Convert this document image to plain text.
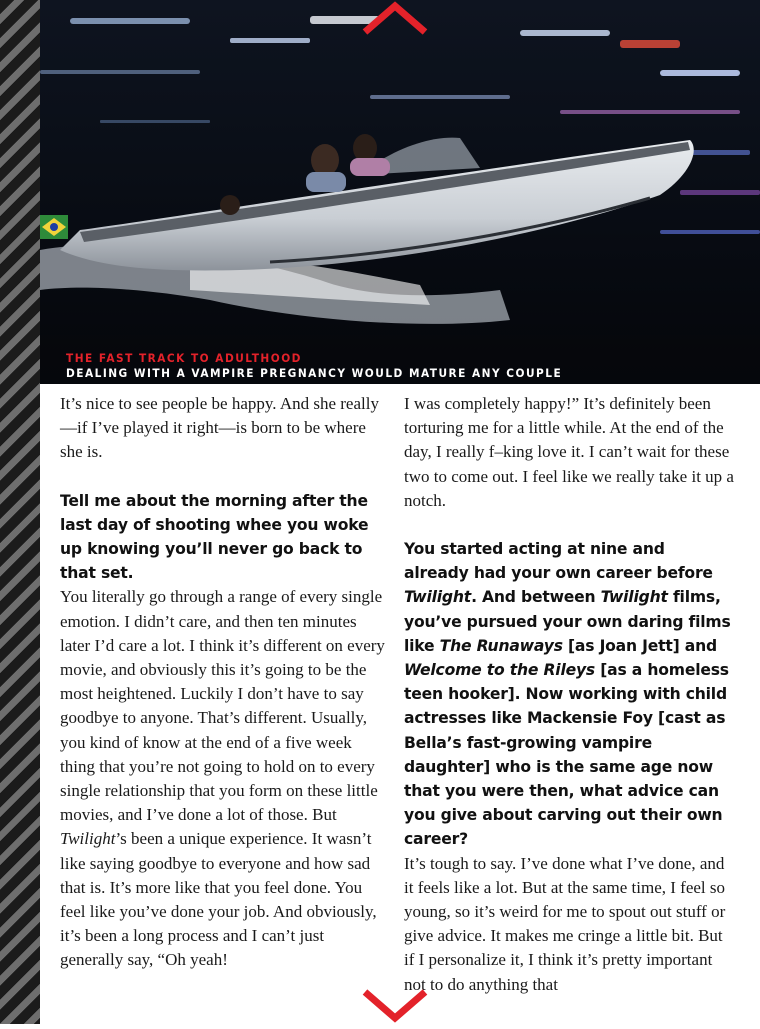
THE FAST TRACK TO ADULTHOOD
DEALING WITH A VAMPIRE PREGNANCY WOULD MATURE ANY COUPLE

It’s nice to see people be happy. And she really—if I’ve played it right—is born to be where she is.

Tell me about the morning after the last day of shooting whee you woke up knowing you’ll never go back to that set.

You literally go through a range of every single emotion. I didn’t care, and then ten minutes later I’d care a lot. I think it’s different on every movie, and obviously this it’s going to be the most heightened. Luckily I don’t have to say goodbye to anyone. That’s different. Usually, you kind of know at the end of a five week thing that you’re not going to hold on to every single relationship that you form on these little movies, and I’ve done a lot of those. But Twilight’s been a unique experience. It wasn’t like saying goodbye to everyone and how sad that is. It’s more like that you feel done. You feel like you’ve done your job. And obviously, it’s been a long process and I can’t just generally say, “Oh yeah!

I was completely happy!” It’s definitely been torturing me for a little while. At the end of the day, I really f–king love it. I can’t wait for these two to come out. I feel like we really take it up a notch.

You started acting at nine and already had your own career before Twilight. And between Twilight films, you’ve pursued your own daring films like The Runaways [as Joan Jett] and Welcome to the Rileys [as a homeless teen hooker]. Now working with child actresses like Mackensie Foy [cast as Bella’s fast-growing vampire daughter] who is the same age now that you were then, what advice can you give about carving out their own career?

It’s tough to say. I’ve done what I’ve done, and it feels like a lot. But at the same time, I feel so young, so it’s weird for me to spout out stuff or give advice. It makes me cringe a little bit. But if I personalize it, I think it’s pretty important not to do anything that
